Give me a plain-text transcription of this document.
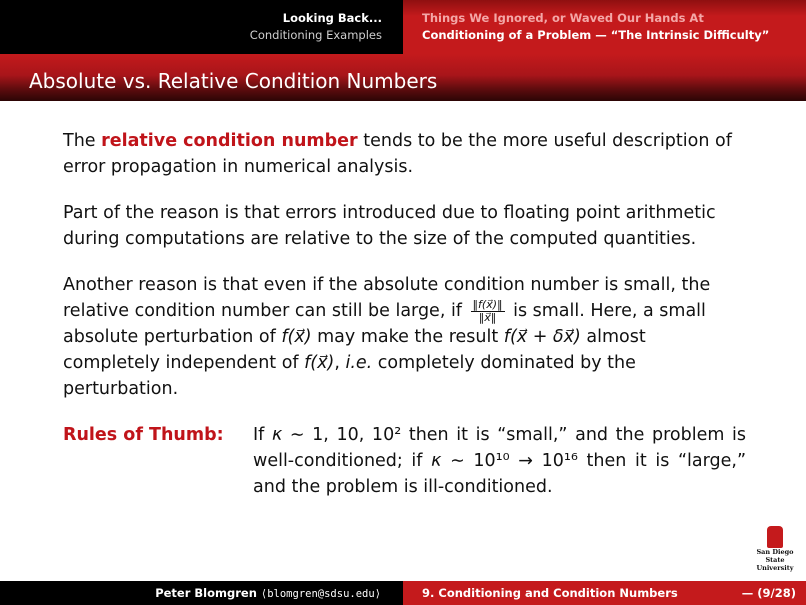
Looking Back...
Conditioning Examples
Things We Ignored, or Waved Our Hands At
Conditioning of a Problem — “The Intrinsic Difficulty”
Absolute vs. Relative Condition Numbers

The relative condition number tends to be the more useful description of error propagation in numerical analysis.

Part of the reason is that errors introduced due to floating point arithmetic during computations are relative to the size of the computed quantities.

Another reason is that even if the absolute condition number is small, the relative condition number can still be large, if $\frac{‖f(x⃗)‖}{‖x⃗‖}$ is small. Here, a small absolute perturbation of f(x⃗) may make the result f(x⃗ + δx⃗) almost completely independent of f(x⃗), i.e. completely dominated by the perturbation.

Rules of Thumb:	If κ ∼ 1, 10, 10² then it is “small,” and the problem is well-conditioned; if κ ∼ 10¹⁰ → 10¹⁶ then it is “large,” and the problem is ill-conditioned.
San Diego State
University
Peter Blomgren ⟨blomgren@sdsu.edu⟩	9. Conditioning and Condition Numbers	— (9/28)
